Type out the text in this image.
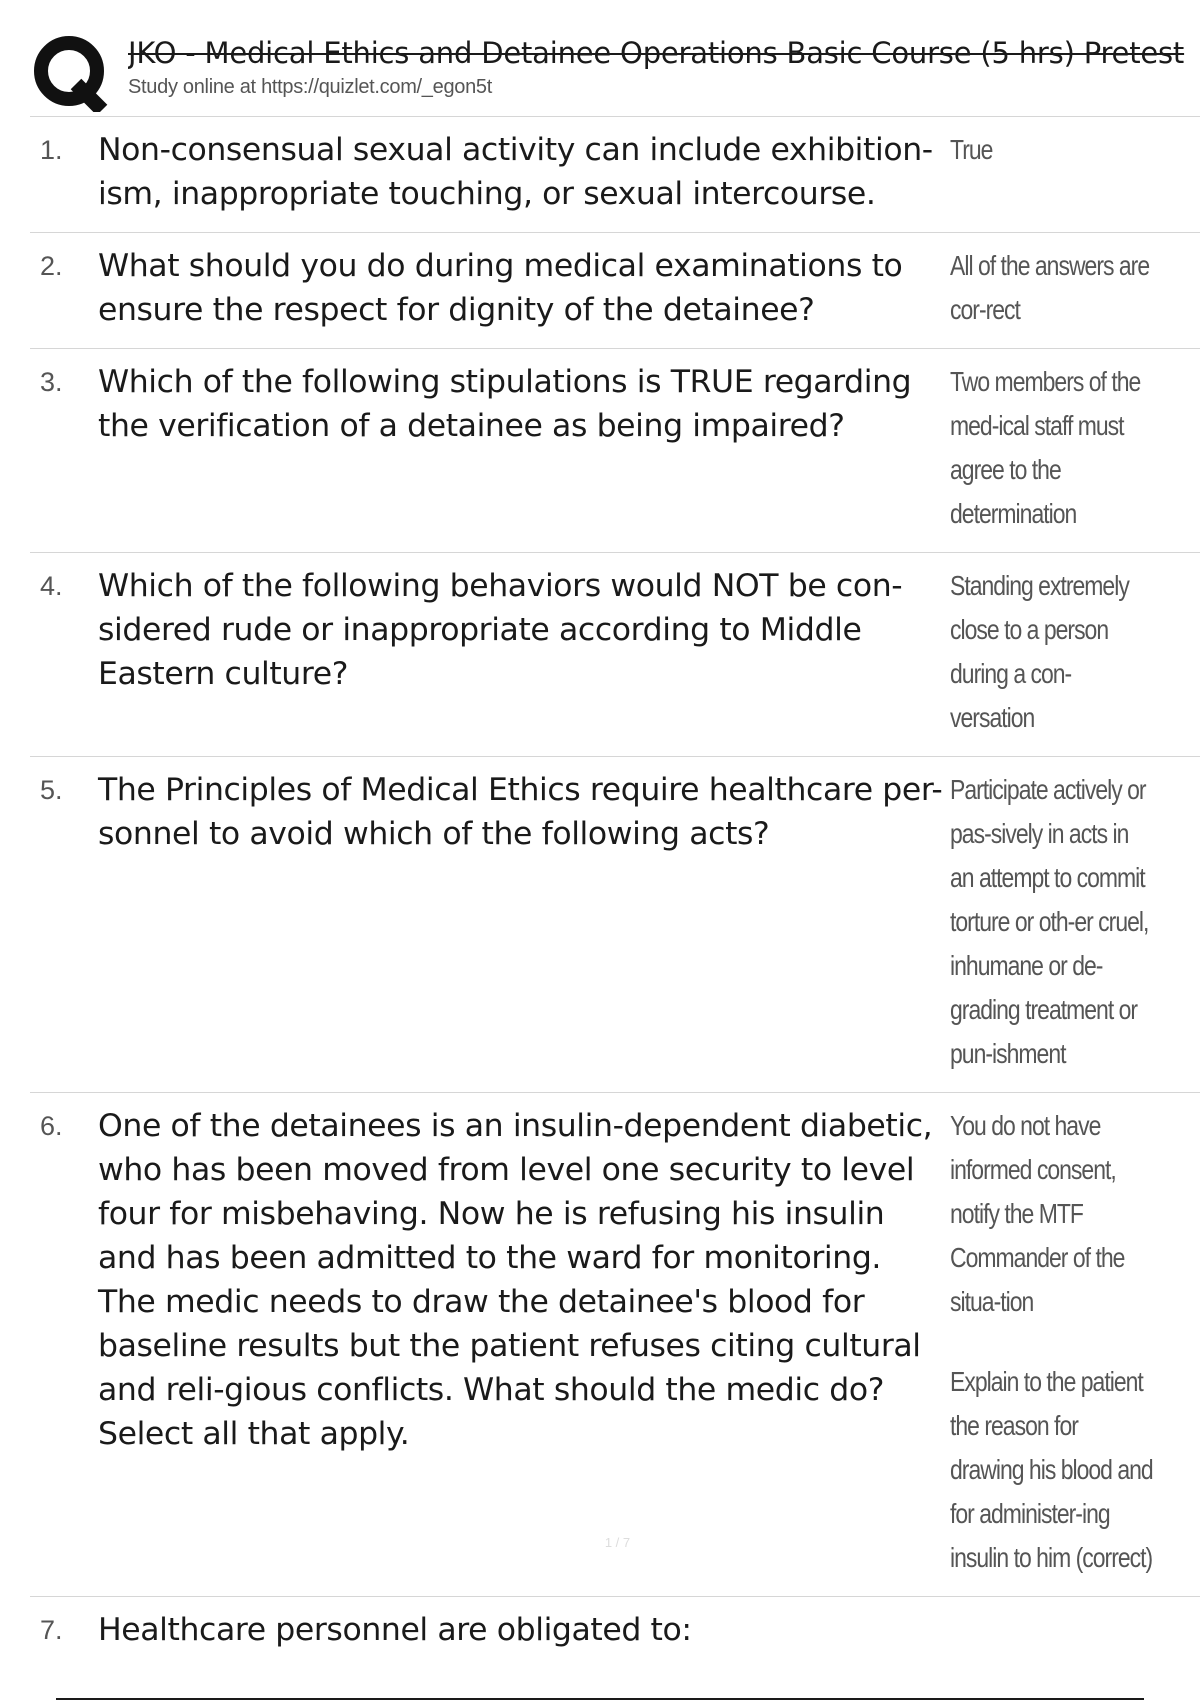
JKO - Medical Ethics and Detainee Operations Basic Course (5 hrs) Pretest
Study online at https://quizlet.com/_egon5t
1.	Non-consensual sexual activity can include exhibition-ism, inappropriate touching, or sexual intercourse.
True
2.	What should you do during medical examinations to ensure the respect for dignity of the detainee?
All of the answers are cor-rect
3.	Which of the following stipulations is TRUE regarding the verification of a detainee as being impaired?
Two members of the med-ical staff must agree to the determination
4.	Which of the following behaviors would NOT be con-sidered rude or inappropriate according to Middle Eastern culture?
Standing extremely close to a person during a con-versation
5.	The Principles of Medical Ethics require healthcare per-sonnel to avoid which of the following acts?
Participate actively or pas-sively in acts in an attempt to commit torture or oth-er cruel, inhumane or de-grading treatment or pun-ishment
6.	One of the detainees is an insulin-dependent diabetic, who has been moved from level one security to level four for misbehaving. Now he is refusing his insulin and has been admitted to the ward for monitoring. The medic needs to draw the detainee's blood for baseline results but the patient refuses citing cultural and reli-gious conflicts. What should the medic do? Select all that apply.
You do not have informed consent, notify the MTF Commander of the situa-tion
Explain to the patient the reason for drawing his blood and for administer-ing insulin to him (correct)
7.	Healthcare personnel are obligated to:
1 / 7
